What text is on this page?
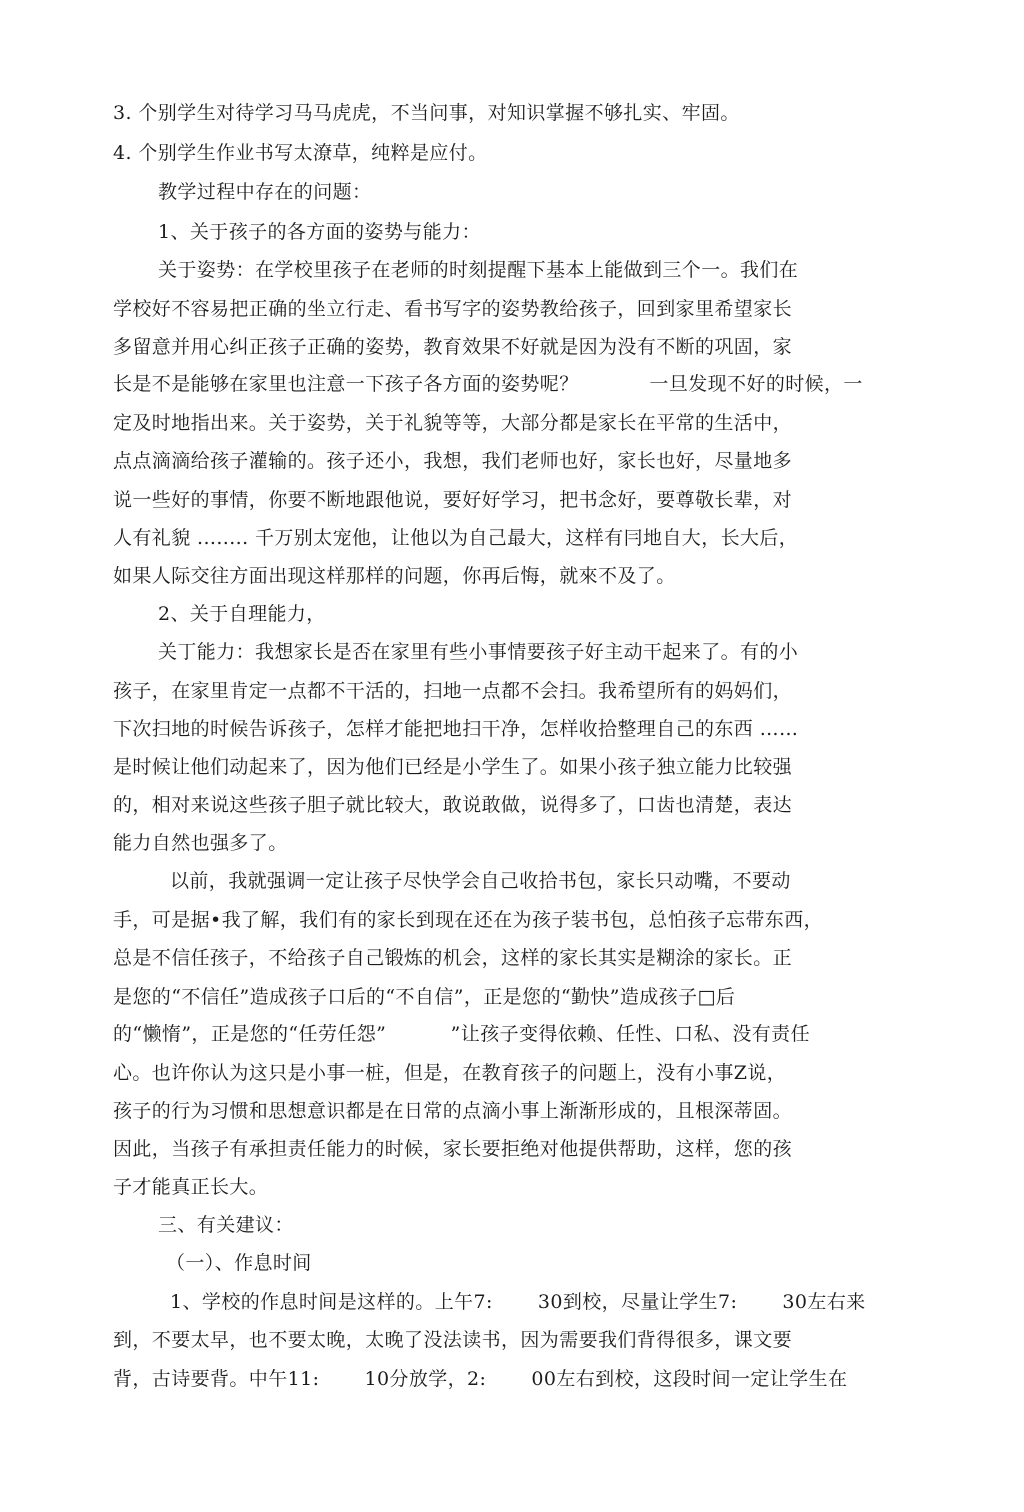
3. 个别学生对待学习马马虎虎，不当问事，对知识掌握不够扎实、牢固。
4. 个别学生作业书写太潦草，纯粹是应付。
教学过程中存在的问题：
1、关于孩子的各方面的姿势与能力：
关于姿势：在学校里孩子在老师的时刻提醒下基本上能做到三个一。我们在
学校好不容易把正确的坐立行走、看书写字的姿势教给孩子，回到家里希望家长
多留意并用心纠正孩子正确的姿势，教育效果不好就是因为没有不断的巩固，家
长是不是能够在家里也注意一下孩子各方面的姿势呢？           一旦发现不好的时候，一
定及时地指出来。关于姿势，关于礼貌等等，大部分都是家长在平常的生活中，
点点滴滴给孩子灌输的。孩子还小，我想，我们老师也好，家长也好，尽量地多
说一些好的事情，你要不断地跟他说，要好好学习，把书念好，要尊敬长辈，对
人有礼貌 ........ 千万别太宠他，让他以为自己最大，这样有冃地自大，长大后，
如果人际交往方面出现这样那样的问题，你再后悔，就來不及了。
2、关于自理能力，
关丁能力：我想家长是否在家里有些小事情要孩子好主动干起来了。有的小
孩子，在家里肯定一点都不干活的，扫地一点都不会扫。我希望所有的妈妈们，
下次扫地的时候告诉孩子，怎样才能把地扫干净，怎样收拾整理自己的东西 ……
是时候让他们动起来了，因为他们已经是小学生了。如果小孩子独立能力比较强
的，相对来说这些孩子胆子就比较大，敢说敢做，说得多了，口齿也清楚，表达
能力自然也强多了。
以前，我就强调一定让孩子尽快学会自己收拾书包，家长只动嘴，不要动
手，可是据•我了解，我们有的家长到现在还在为孩子装书包，总怕孩子忘带东西，
总是不信任孩子，不给孩子自己锻炼的机会，这样的家长其实是糊涂的家长。正
是您的“不信任”造成孩子口后的“不自信”，正是您的“勤快”造成孩子□后
的“懒惰”，正是您的“任劳任怨”          ”让孩子变得依赖、任性、口私、没有责任
心。也许你认为这只是小事一桩，但是，在教育孩子的问题上，没有小事Z说，
孩子的行为习惯和思想意识都是在日常的点滴小事上渐渐形成的，且根深蒂固。
因此，当孩子有承担责任能力的时候，家长要拒绝对他提供帮助，这样，您的孩
子才能真正长大。
三、有关建议：
（一）、作息时间
1、学校的作息时间是这样的。上午7:       30到校，尽量让学生7:       30左右来
到，不要太早，也不要太晚，太晚了没法读书，因为需要我们背得很多，课文要
背，古诗要背。中午11:       10分放学，2:       00左右到校，这段时间一定让学生在
